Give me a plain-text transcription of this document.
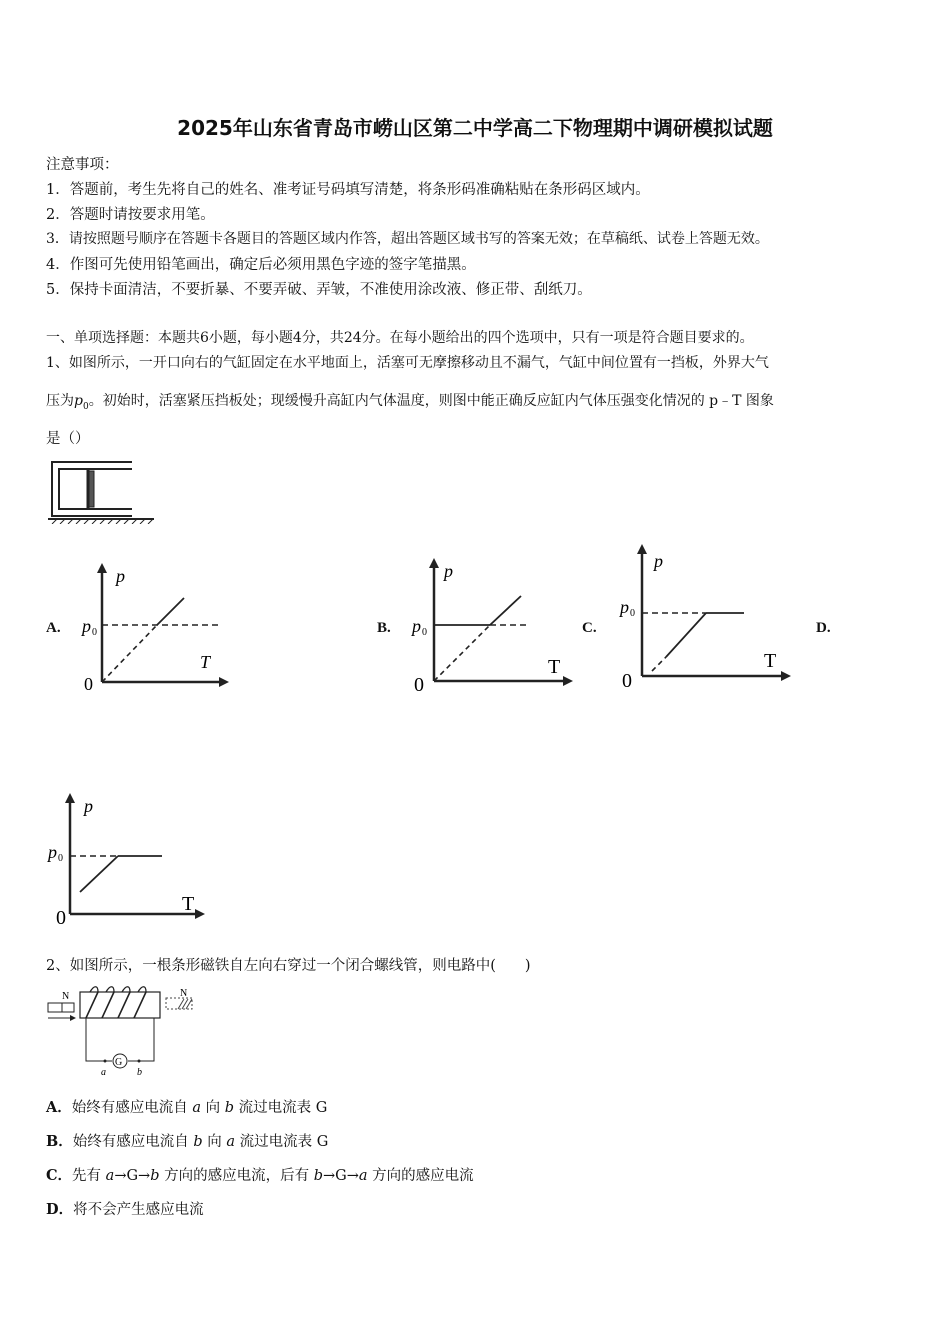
2025年山东省青岛市崂山区第二中学高二下物理期中调研模拟试题
注意事项：
1．答题前，考生先将自己的姓名、准考证号码填写清楚，将条形码准确粘贴在条形码区域内。
2．答题时请按要求用笔。
3．请按照题号顺序在答题卡各题目的答题区域内作答，超出答题区域书写的答案无效；在草稿纸、试卷上答题无效。
4．作图可先使用铅笔画出，确定后必须用黑色字迹的签字笔描黑。
5．保持卡面清洁，不要折暴、不要弄破、弄皱，不准使用涂改液、修正带、刮纸刀。
一、单项选择题：本题共6小题，每小题4分，共24分。在每小题给出的四个选项中，只有一项是符合题目要求的。
1、如图所示，一开口向右的气缸固定在水平地面上，活塞可无摩擦移动且不漏气，气缸中间位置有一挡板，外界大气
压为$p_0$。初始时，活塞紧压挡板处；现缓慢升高缸内气体温度，则图中能正确反应缸内气体压强变化情况的 p﹣T 图象
是（）
A.	B.	C.	D.
p
p 0
T
0
p
p 0
T
0
p
p 0
T
0
p
p 0
T
0
2、如图所示，一根条形磁铁自左向右穿过一个闭合螺线管，则电路中(　　)
N	N
G
a	b
A．始终有感应电流自 a 向 b 流过电流表 G
B．始终有感应电流自 b 向 a 流过电流表 G
C．先有 a→G→b 方向的感应电流，后有 b→G→a 方向的感应电流
D．将不会产生感应电流
